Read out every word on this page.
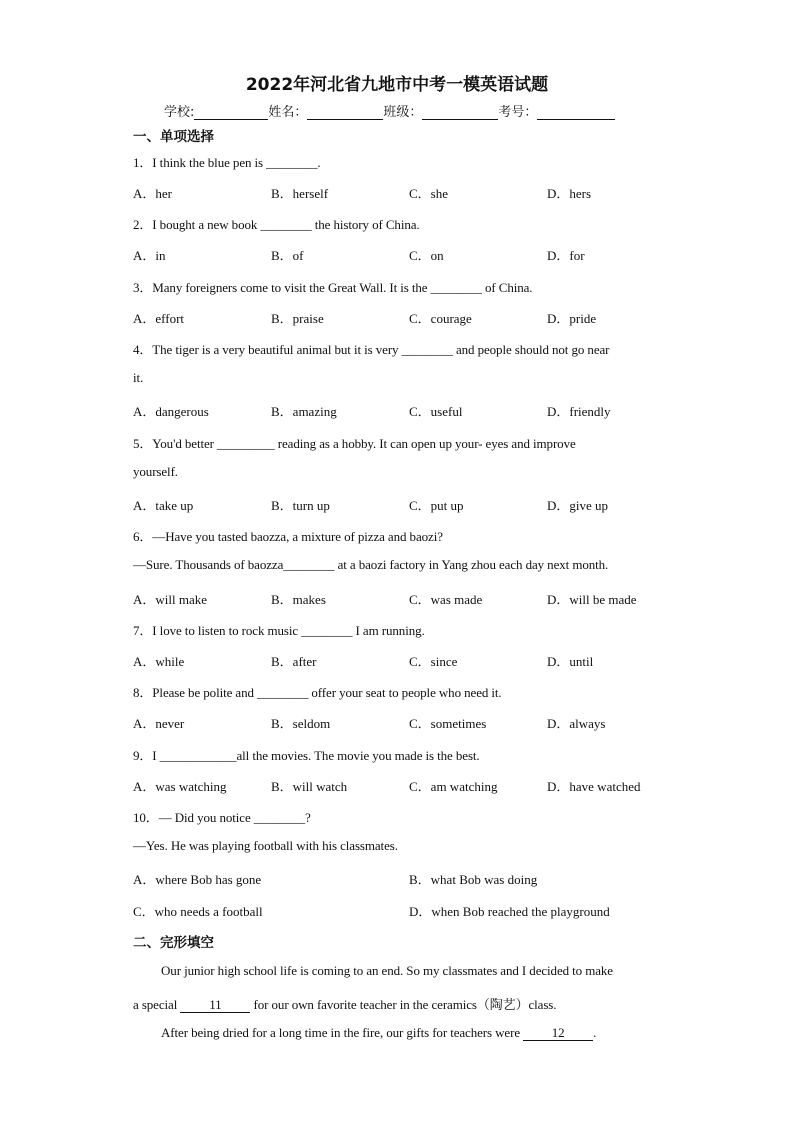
2022年河北省九地市中考一模英语试题
学校:	姓名：	班级：	考号：
一、单项选择
1．I think the blue pen is ________.
A．her	B．herself	C．she	D．hers
2．I bought a new book ________ the history of China.
A．in	B．of	C．on	D．for
3．Many foreigners come to visit the Great Wall. It is the ________ of China.
A．effort	B．praise	C．courage	D．pride
4．The tiger is a very beautiful animal but it is very ________ and people should not go near
it.
A．dangerous	B．amazing	C．useful	D．friendly
5．You'd better _________ reading as a hobby. It can open up your- eyes and improve
yourself.
A．take up	B．turn up	C．put up	D．give up
6．—Have you tasted baozza, a mixture of pizza and baozi?
—Sure. Thousands of baozza________ at a baozi factory in Yang zhou each day next month.
A．will make	B．makes	C．was made	D．will be made
7．I love to listen to rock music ________ I am running.
A．while	B．after	C．since	D．until
8．Please be polite and ________ offer your seat to people who need it.
A．never	B．seldom	C．sometimes	D．always
9．I ____________all the movies. The movie you made is the best.
A．was watching	B．will watch	C．am watching	D．have watched
10．— Did you notice ________?
—Yes. He was playing football with his classmates.
A．where Bob has gone	B．what Bob was doing
C．who needs a football	D．when Bob reached the playground
二、完形填空
Our junior high school life is coming to an end. So my classmates and I decided to make
a special 11 for our own favorite teacher in the ceramics（陶艺）class.
After being dried for a long time in the fire, our gifts for teachers were 12 .
